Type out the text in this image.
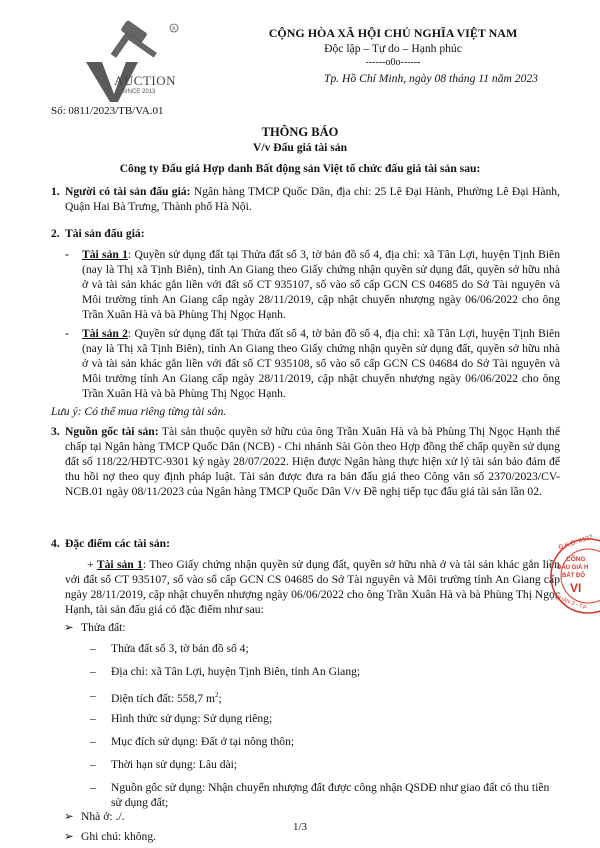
R
AUCTION
SINCE 2013
Số: 0811/2023/TB/VA.01
CỘNG HÒA XÃ HỘI CHỦ NGHĨA VIỆT NAM
Độc lập – Tự do – Hạnh phúc
------o0o------
Tp. Hồ Chí Minh, ngày 08 tháng 11 năm 2023
THÔNG BÁO
V/v Đấu giá tài sản
Công ty Đấu giá Hợp danh Bất động sản Việt tổ chức đấu giá tài sản sau:
1. Người có tài sản đấu giá: Ngân hàng TMCP Quốc Dân, địa chỉ: 25 Lê Đại Hành, Phường Lê Đại Hành, Quận Hai Bà Trưng, Thành phố Hà Nội.
2. Tài sản đấu giá:
- Tài sản 1: Quyền sử dụng đất tại Thửa đất số 3, tờ bản đồ số 4, địa chỉ: xã Tân Lợi, huyện Tịnh Biên (nay là Thị xã Tịnh Biên), tỉnh An Giang theo Giấy chứng nhận quyền sử dụng đất, quyền sở hữu nhà ở và tài sản khác gắn liền với đất số CT 935107, số vào sổ cấp GCN CS 04685 do Sở Tài nguyên và Môi trường tỉnh An Giang cấp ngày 28/11/2019, cập nhật chuyển nhượng ngày 06/06/2022 cho ông Trần Xuân Hà và bà Phùng Thị Ngọc Hạnh.
- Tài sản 2: Quyền sử dụng đất tại Thửa đất số 4, tờ bản đồ số 4, địa chỉ: xã Tân Lợi, huyện Tịnh Biên (nay là Thị xã Tịnh Biên), tỉnh An Giang theo Giấy chứng nhận quyền sử dụng đất, quyền sở hữu nhà ở và tài sản khác gắn liền với đất số CT 935108, số vào sổ cấp GCN CS 04684 do Sở Tài nguyên và Môi trường tỉnh An Giang cấp ngày 28/11/2019, cập nhật chuyển nhượng ngày 06/06/2022 cho ông Trần Xuân Hà và bà Phùng Thị Ngọc Hạnh.
Lưu ý: Có thể mua riêng từng tài sản.
3. Nguồn gốc tài sản: Tài sản thuộc quyền sở hữu của ông Trần Xuân Hà và bà Phùng Thị Ngọc Hạnh thế chấp tại Ngân hàng TMCP Quốc Dân (NCB) - Chi nhánh Sài Gòn theo Hợp đồng thế chấp quyền sử dụng đất số 118/22/HĐTC-9301 ký ngày 28/07/2022. Hiện được Ngân hàng thực hiện xử lý tài sản bảo đảm để thu hồi nợ theo quy định pháp luật. Tài sản được đưa ra bán đấu giá theo Công văn số 2370/2023/CV-NCB.01 ngày 08/11/2023 của Ngân hàng TMCP Quốc Dân V/v Đề nghị tiếp tục đấu giá tài sản lần 02.
4. Đặc điểm các tài sản:
+ Tài sản 1: Theo Giấy chứng nhận quyền sử dụng đất, quyền sở hữu nhà ở và tài sản khác gắn liền với đất số CT 935107, số vào sổ cấp GCN CS 04685 do Sở Tài nguyên và Môi trường tỉnh An Giang cấp ngày 28/11/2019, cập nhật chuyển nhượng ngày 06/06/2022 cho ông Trần Xuân Hà và bà Phùng Thị Ngọc Hạnh, tài sản đấu giá có đặc điểm như sau:
➢ Thửa đất:
– Thửa đất số 3, tờ bản đồ số 4;
– Địa chỉ: xã Tân Lợi, huyện Tịnh Biên, tỉnh An Giang;
– Diện tích đất: 558,7 $m^2$;
– Hình thức sử dụng: Sử dụng riêng;
– Mục đích sử dụng: Đất ở tại nông thôn;
– Thời hạn sử dụng: Lâu dài;
– Nguồn gốc sử dụng: Nhận chuyển nhượng đất được công nhận QSDĐ như giao đất có thu tiền sử dụng đất;
➢ Nhà ở: ./.
➢ Ghi chú: không.
Đ.K.D: 4102
CÔNG
ĐẤU GIÁ H
BẤT ĐỘ
VI
QUẬN 3 - T.P
1/3
